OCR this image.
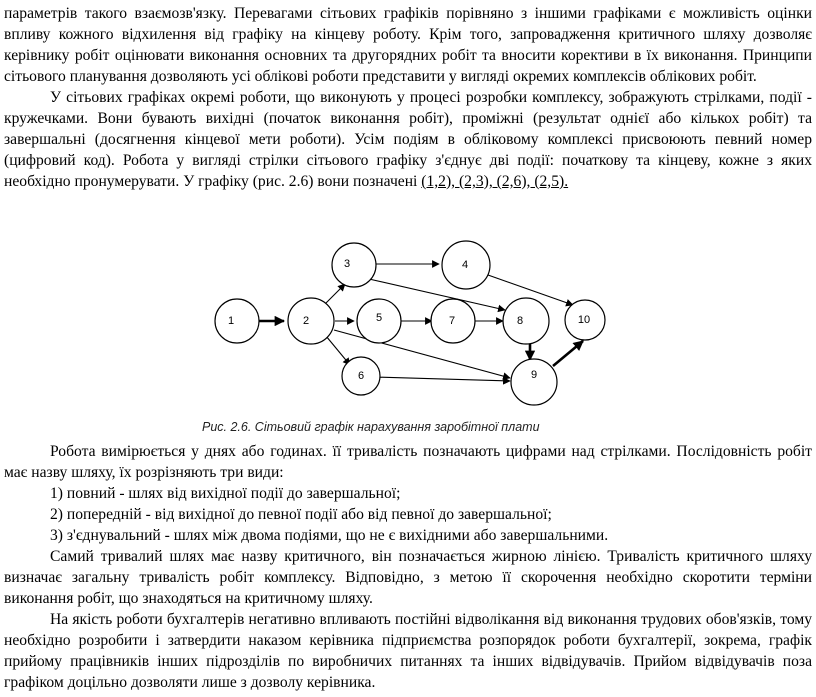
параметрів такого взаємозв'язку. Перевагами сітьових графіків порівняно з іншими графіками є можливість оцінки впливу кожного відхилення від графіку на кінцеву роботу. Крім того, запровадження критичного шляху дозволяє керівнику робіт оцінювати виконання основних та другорядних робіт та вносити корективи в їх виконання. Принципи сітьового планування дозволяють усі облікові роботи представити у вигляді окремих комплексів облікових робіт.

У сітьових графіках окремі роботи, що виконують у процесі розробки комплексу, зображують стрілками, події - кружечками. Вони бувають вихідні (початок виконання робіт), проміжні (результат однієї або кількох робіт) та завершальні (досягнення кінцевої мети роботи). Усім подіям в обліковому комплексі присвоюють певний номер (цифровий код). Робота у вигляді стрілки сітьового графіку з'єднує дві події: початкову та кінцеву, кожне з яких необхідно пронумерувати. У графіку (рис. 2.6) вони позначені (1,2), (2,3), (2,6), (2,5).

1	2
3	4
5
6
7	8
9
10
Рис. 2.6. Сітьовий графік нарахування заробітної плати

Робота вимірюється у днях або годинах. її тривалість позначають цифрами над стрілками. Послідовність робіт має назву шляху, їх розрізняють три види:

1) повний - шлях від вихідної події до завершальної;

2) попередній - від вихідної до певної події або від певної до завершальної;

3) з'єднувальний - шлях між двома подіями, що не є вихідними або завершальними.

Самий тривалий шлях має назву критичного, він позначається жирною лінією. Тривалість критичного шляху визначає загальну тривалість робіт комплексу. Відповідно, з метою її скорочення необхідно скоротити терміни виконання робіт, що знаходяться на критичному шляху.

На якість роботи бухгалтерів негативно впливають постійні відволікання від виконання трудових обов'язків, тому необхідно розробити і затвердити наказом керівника підприємства розпорядок роботи бухгалтерії, зокрема, графік прийому працівників інших підрозділів по виробничих питаннях та інших відвідувачів. Прийом відвідувачів поза графіком доцільно дозволяти лише з дозволу керівника.
